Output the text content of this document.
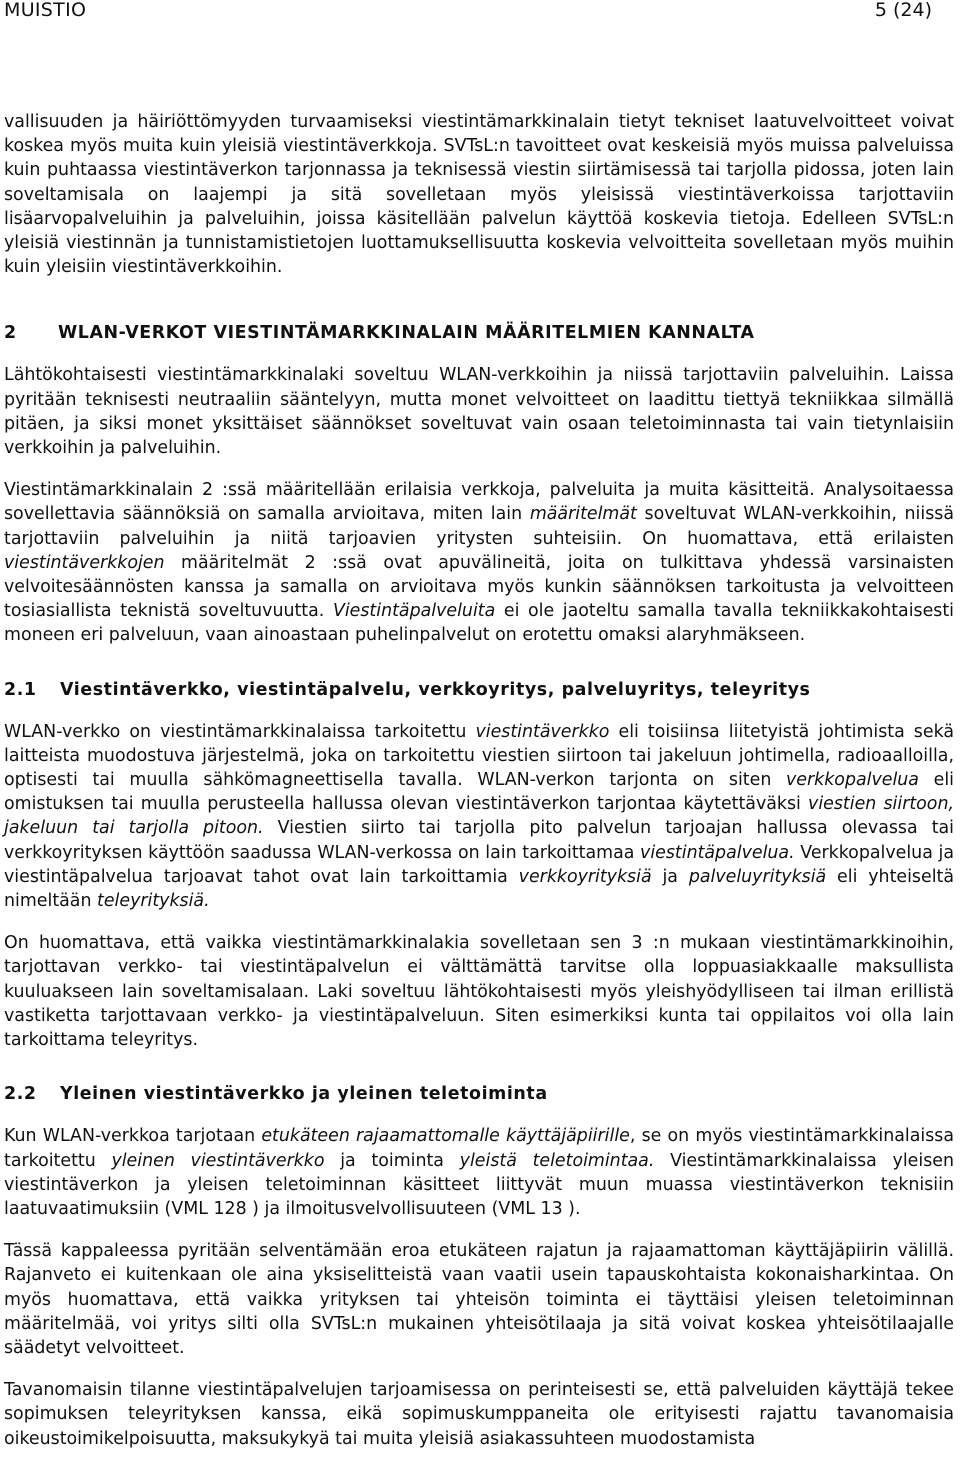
MUISTIO	5 (24)

vallisuuden ja häiriöttömyyden turvaamiseksi viestintämarkkinalain tietyt tekniset laatuvelvoitteet voivat koskea myös muita kuin yleisiä viestintäverkkoja. SVTsL:n tavoitteet ovat keskeisiä myös muissa palveluissa kuin puhtaassa viestintäverkon tarjonnassa ja teknisessä viestin siirtämisessä tai tarjolla pidossa, joten lain soveltamisala on laajempi ja sitä sovelletaan myös yleisissä viestintäverkoissa tarjottaviin lisäarvopalveluihin ja palveluihin, joissa käsitellään palvelun käyttöä koskevia tietoja. Edelleen SVTsL:n yleisiä viestinnän ja tunnistamistietojen luottamuksellisuutta koskevia velvoitteita sovelletaan myös muihin kuin yleisiin viestintäverkkoihin.

2 WLAN-VERKOT VIESTINTÄMARKKINALAIN MÄÄRITELMIEN KANNALTA

Lähtökohtaisesti viestintämarkkinalaki soveltuu WLAN-verkkoihin ja niissä tarjottaviin palveluihin. Laissa pyritään teknisesti neutraaliin sääntelyyn, mutta monet velvoitteet on laadittu tiettyä tekniikkaa silmällä pitäen, ja siksi monet yksittäiset säännökset soveltuvat vain osaan teletoiminnasta tai vain tietynlaisiin verkkoihin ja palveluihin.

Viestintämarkkinalain 2 :ssä määritellään erilaisia verkkoja, palveluita ja muita käsitteitä. Analysoitaessa sovellettavia säännöksiä on samalla arvioitava, miten lain määritelmät soveltuvat WLAN-verkkoihin, niissä tarjottaviin palveluihin ja niitä tarjoavien yritysten suhteisiin. On huomattava, että erilaisten viestintäverkkojen määritelmät 2 :ssä ovat apuvälineitä, joita on tulkittava yhdessä varsinaisten velvoitesäännösten kanssa ja samalla on arvioitava myös kunkin säännöksen tarkoitusta ja velvoitteen tosiasiallista teknistä soveltuvuutta. Viestintäpalveluita ei ole jaoteltu samalla tavalla tekniikkakohtaisesti moneen eri palveluun, vaan ainoastaan puhelinpalvelut on erotettu omaksi alaryhmäkseen.

2.1 Viestintäverkko, viestintäpalvelu, verkkoyritys, palveluyritys, teleyritys

WLAN-verkko on viestintämarkkinalaissa tarkoitettu viestintäverkko eli toisiinsa liitetyistä johtimista sekä laitteista muodostuva järjestelmä, joka on tarkoitettu viestien siirtoon tai jakeluun johtimella, radioaalloilla, optisesti tai muulla sähkömagneettisella tavalla. WLAN-verkon tarjonta on siten verkkopalvelua eli omistuksen tai muulla perusteella hallussa olevan viestintäverkon tarjontaa käytettäväksi viestien siirtoon, jakeluun tai tarjolla pitoon. Viestien siirto tai tarjolla pito palvelun tarjoajan hallussa olevassa tai verkkoyrityksen käyttöön saadussa WLAN-verkossa on lain tarkoittamaa viestintäpalvelua. Verkkopalvelua ja viestintäpalvelua tarjoavat tahot ovat lain tarkoittamia verkkoyrityksiä ja palveluyrityksiä eli yhteiseltä nimeltään teleyrityksiä.

On huomattava, että vaikka viestintämarkkinalakia sovelletaan sen 3 :n mukaan viestintämarkkinoihin, tarjottavan verkko- tai viestintäpalvelun ei välttämättä tarvitse olla loppuasiakkaalle maksullista kuuluakseen lain soveltamisalaan. Laki soveltuu lähtökohtaisesti myös yleishyödylliseen tai ilman erillistä vastiketta tarjottavaan verkko- ja viestintäpalveluun. Siten esimerkiksi kunta tai oppilaitos voi olla lain tarkoittama teleyritys.

2.2 Yleinen viestintäverkko ja yleinen teletoiminta

Kun WLAN-verkkoa tarjotaan etukäteen rajaamattomalle käyttäjäpiirille, se on myös viestintämarkkinalaissa tarkoitettu yleinen viestintäverkko ja toiminta yleistä teletoimintaa. Viestintämarkkinalaissa yleisen viestintäverkon ja yleisen teletoiminnan käsitteet liittyvät muun muassa viestintäverkon teknisiin laatuvaatimuksiin (VML 128 ) ja ilmoitusvelvollisuuteen (VML 13 ).

Tässä kappaleessa pyritään selventämään eroa etukäteen rajatun ja rajaamattoman käyttäjäpiirin välillä. Rajanveto ei kuitenkaan ole aina yksiselitteistä vaan vaatii usein tapauskohtaista kokonaisharkintaa. On myös huomattava, että vaikka yrityksen tai yhteisön toiminta ei täyttäisi yleisen teletoiminnan määritelmää, voi yritys silti olla SVTsL:n mukainen yhteisötilaaja ja sitä voivat koskea yhteisötilaajalle säädetyt velvoitteet.

Tavanomaisin tilanne viestintäpalvelujen tarjoamisessa on perinteisesti se, että palveluiden käyttäjä tekee sopimuksen teleyrityksen kanssa, eikä sopimuskumppaneita ole erityisesti rajattu tavanomaisia oikeustoimikelpoisuutta, maksukykyä tai muita yleisiä asiakassuhteen muodostamista
